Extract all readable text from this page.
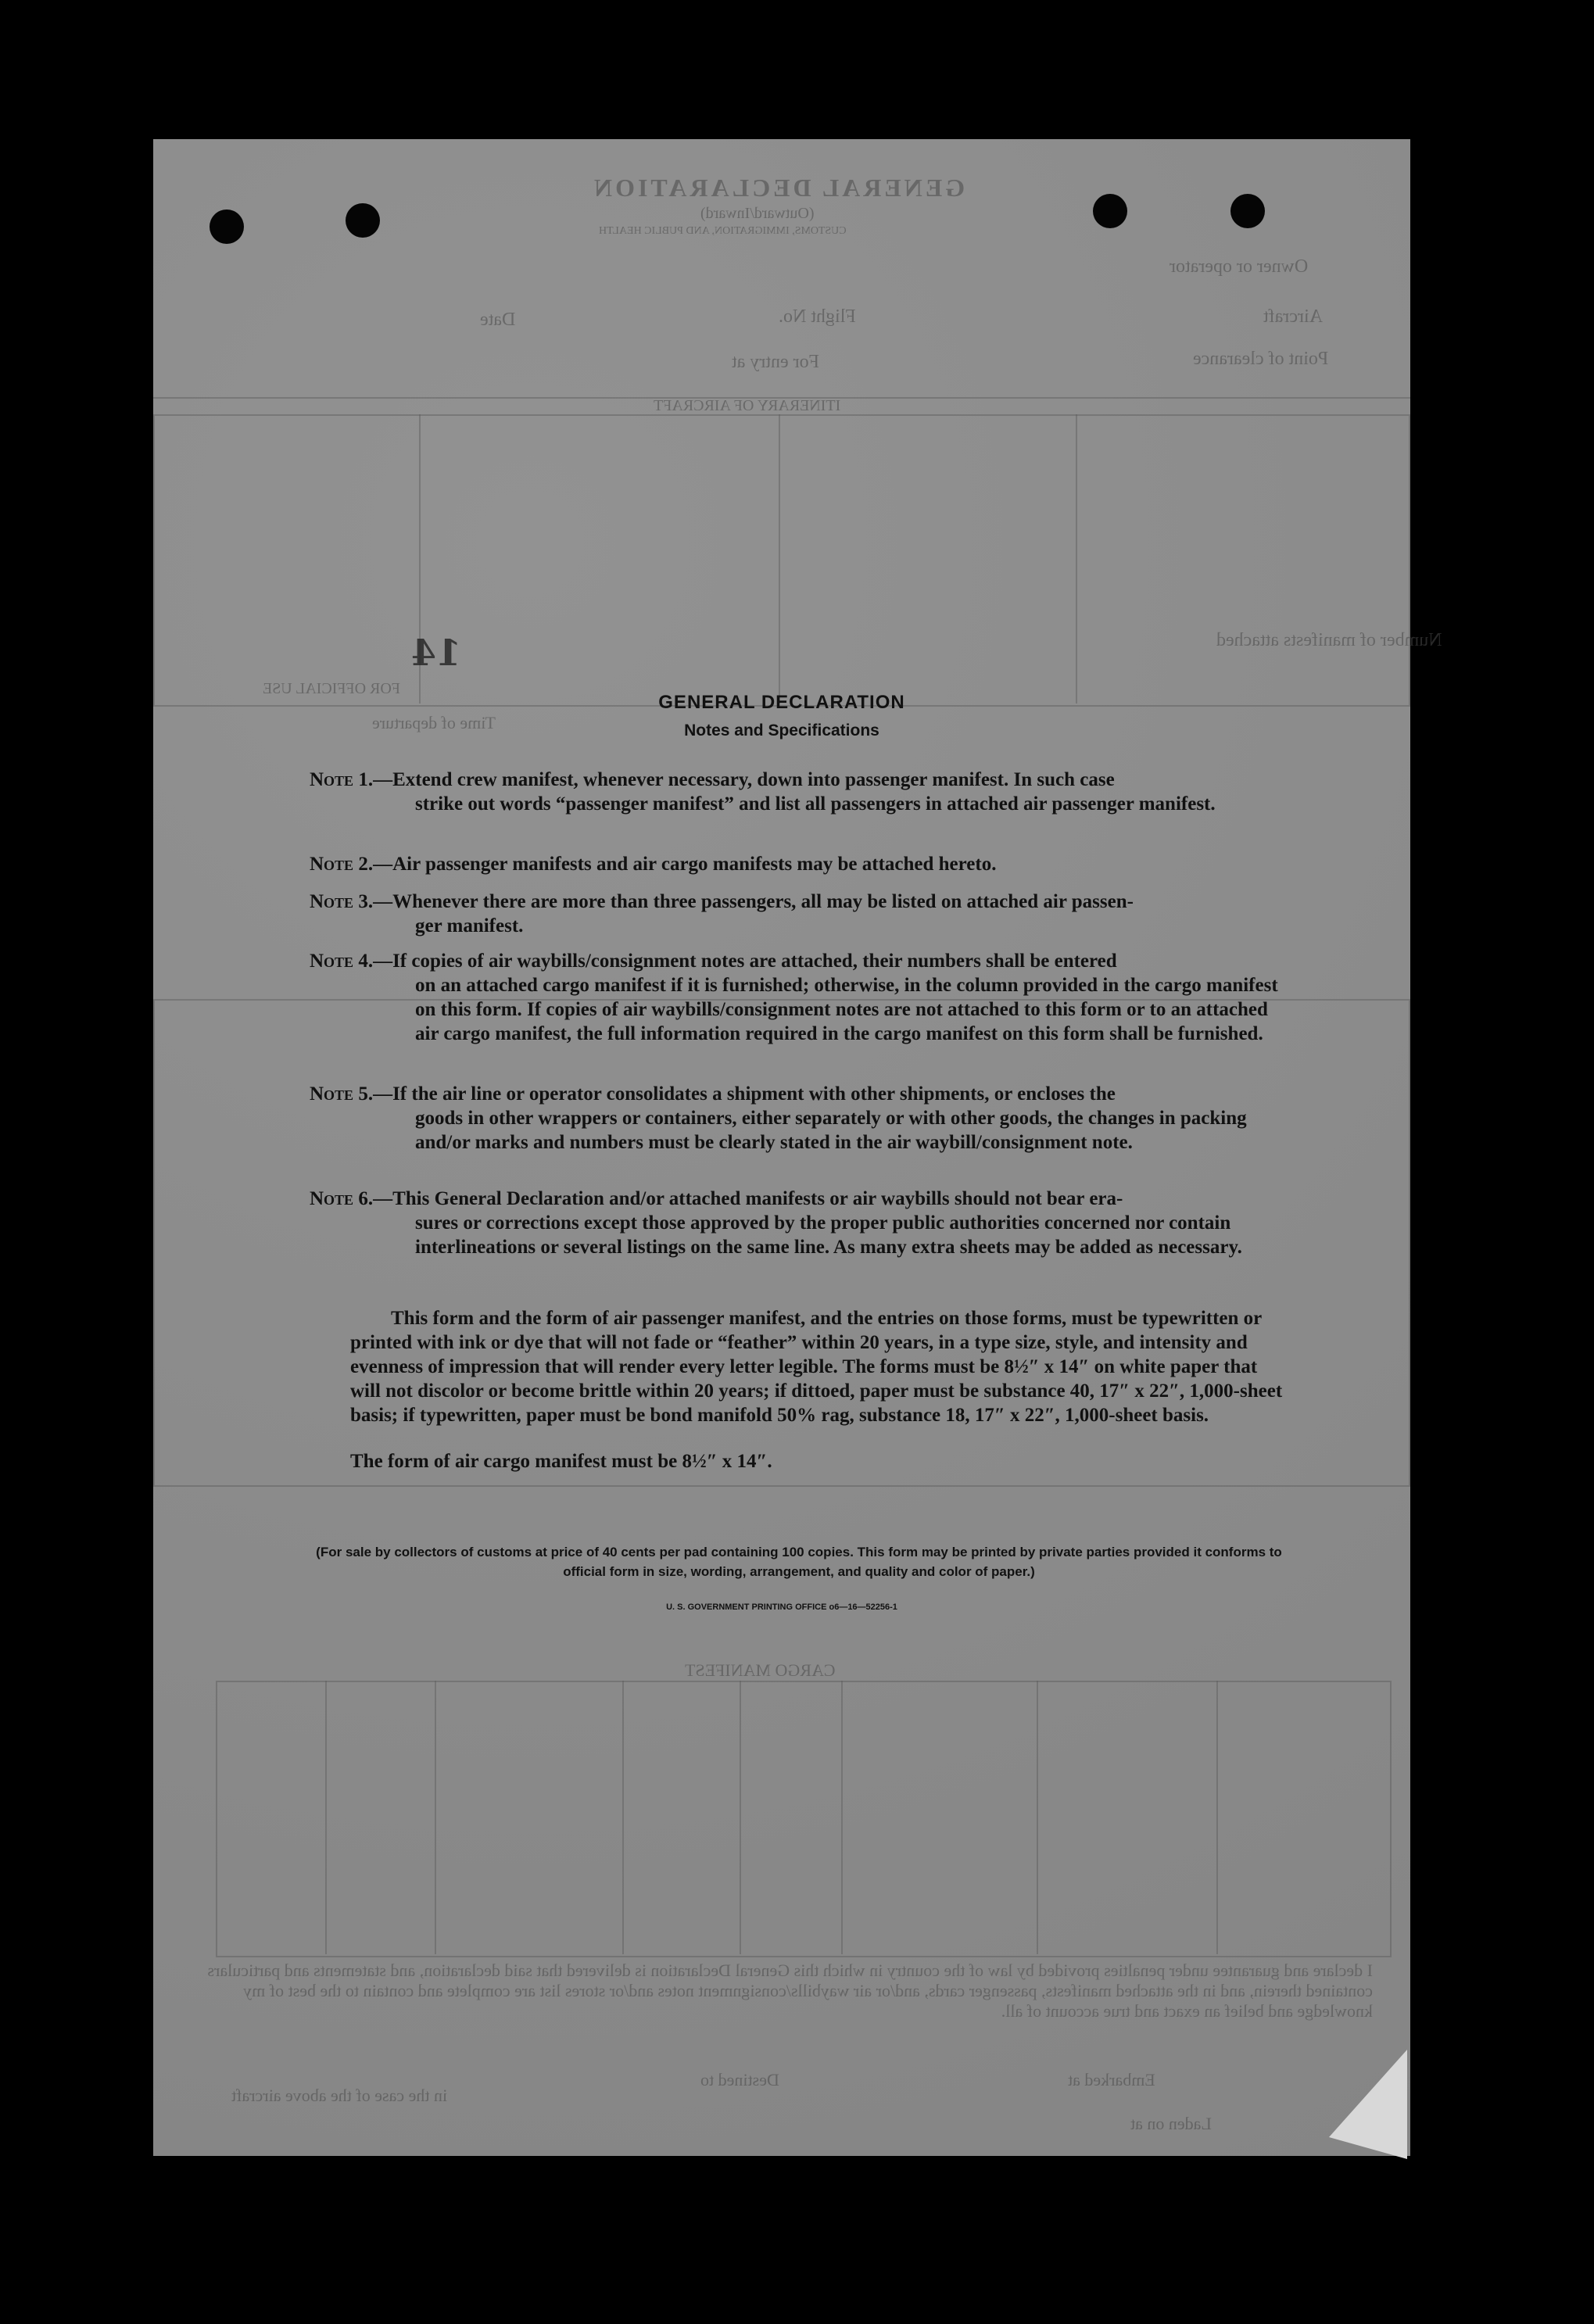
GENERAL DECLARATION
(Outward/Inward)
CUSTOMS, IMMIGRATION, AND PUBLIC HEALTH
Owner or operator
Aircraft
Flight No.
Date
Point of clearance
For entry at
ITINERARY OF AIRCRAFT
Number of manifests attached
FOR OFFICIAL USE
Time of departure
CARGO MANIFEST
I declare and guarantee under penalties provided by law of the country in which this General Declaration is delivered that said declaration, and statements and particulars contained therein, and in the attached manifests, passenger cards, and/or air waybills/consignment notes and/or stores list are complete and contain to the best of my knowledge and belief an exact and true account of all.
Embarked at
Destined to
Laden on at
in the case of the above aircraft
14
GENERAL DECLARATION
Notes and Specifications
Note 1.—Extend crew manifest, whenever necessary, down into passenger manifest. In such case
strike out words “passenger manifest” and list all passengers in attached air passenger manifest.
Note 2.—Air passenger manifests and air cargo manifests may be attached hereto.
Note 3.—Whenever there are more than three passengers, all may be listed on attached air passen-
ger manifest.
Note 4.—If copies of air waybills/consignment notes are attached, their numbers shall be entered
on an attached cargo manifest if it is furnished; otherwise, in the column provided in the cargo manifest on this form. If copies of air waybills/consignment notes are not attached to this form or to an attached air cargo manifest, the full information required in the cargo manifest on this form shall be furnished.
Note 5.—If the air line or operator consolidates a shipment with other shipments, or encloses the
goods in other wrappers or containers, either separately or with other goods, the changes in packing and/or marks and numbers must be clearly stated in the air waybill/consignment note.
Note 6.—This General Declaration and/or attached manifests or air waybills should not bear era-
sures or corrections except those approved by the proper public authorities concerned nor contain interlineations or several listings on the same line. As many extra sheets may be added as necessary.
This form and the form of air passenger manifest, and the entries on those forms, must be typewritten or printed with ink or dye that will not fade or “feather” within 20 years, in a type size, style, and intensity and evenness of impression that will render every letter legible. The forms must be 8½″ x 14″ on white paper that will not discolor or become brittle within 20 years; if dittoed, paper must be substance 40, 17″ x 22″, 1,000-sheet basis; if typewritten, paper must be bond manifold 50% rag, substance 18, 17″ x 22″, 1,000-sheet basis.
The form of air cargo manifest must be 8½″ x 14″.
(For sale by collectors of customs at price of 40 cents per pad containing 100 copies. This form may be printed by private parties provided it conforms to official form in size, wording, arrangement, and quality and color of paper.)
U. S. GOVERNMENT PRINTING OFFICE o6—16—52256-1
